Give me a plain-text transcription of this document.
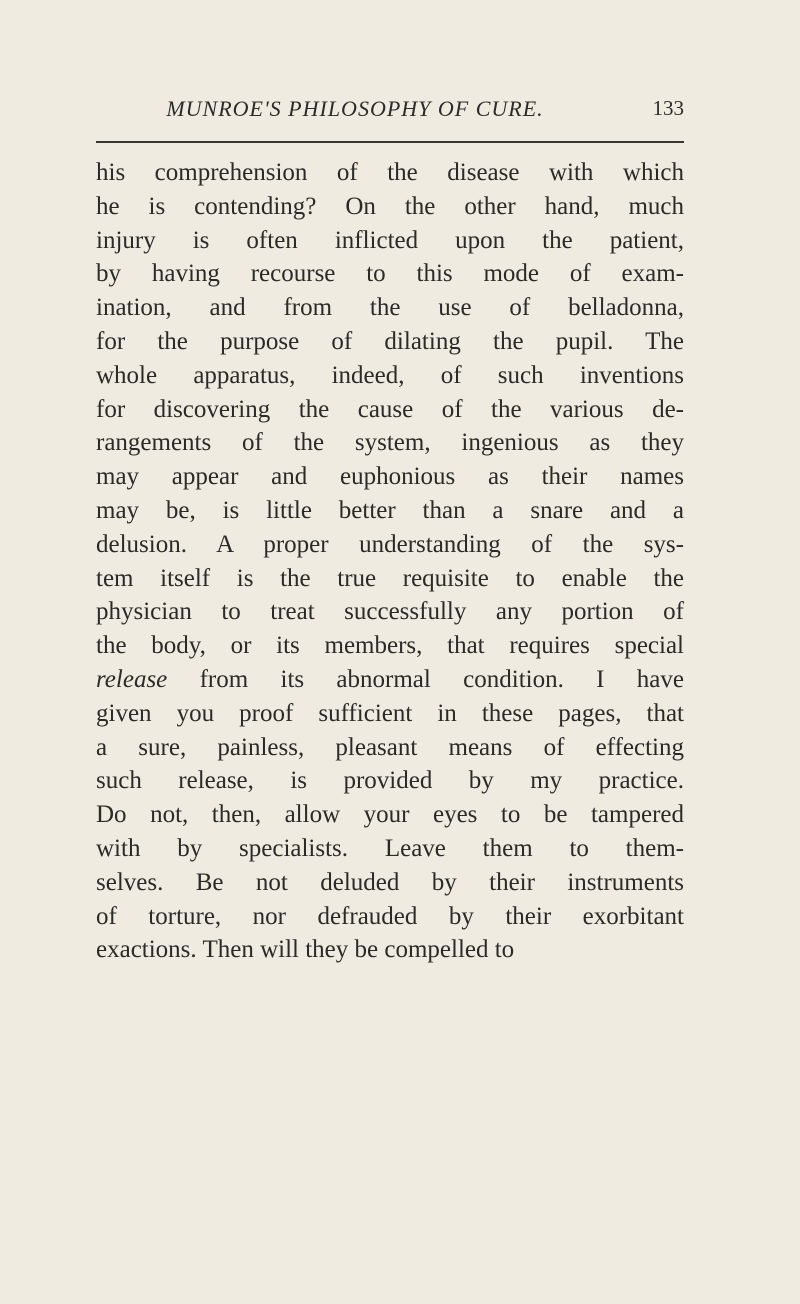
MUNROE'S PHILOSOPHY OF CURE.	133
his comprehension of the disease with which
he is contending? On the other hand, much
injury is often inflicted upon the patient,
by having recourse to this mode of exam-
ination, and from the use of belladonna,
for the purpose of dilating the pupil. The
whole apparatus, indeed, of such inventions
for discovering the cause of the various de-
rangements of the system, ingenious as they
may appear and euphonious as their names
may be, is little better than a snare and a
delusion. A proper understanding of the sys-
tem itself is the true requisite to enable the
physician to treat successfully any portion of
the body, or its members, that requires special
release from its abnormal condition. I have
given you proof sufficient in these pages, that
a sure, painless, pleasant means of effecting
such release, is provided by my practice.
Do not, then, allow your eyes to be tampered
with by specialists. Leave them to them-
selves. Be not deluded by their instruments
of torture, nor defrauded by their exorbitant
exactions. Then will they be compelled to
